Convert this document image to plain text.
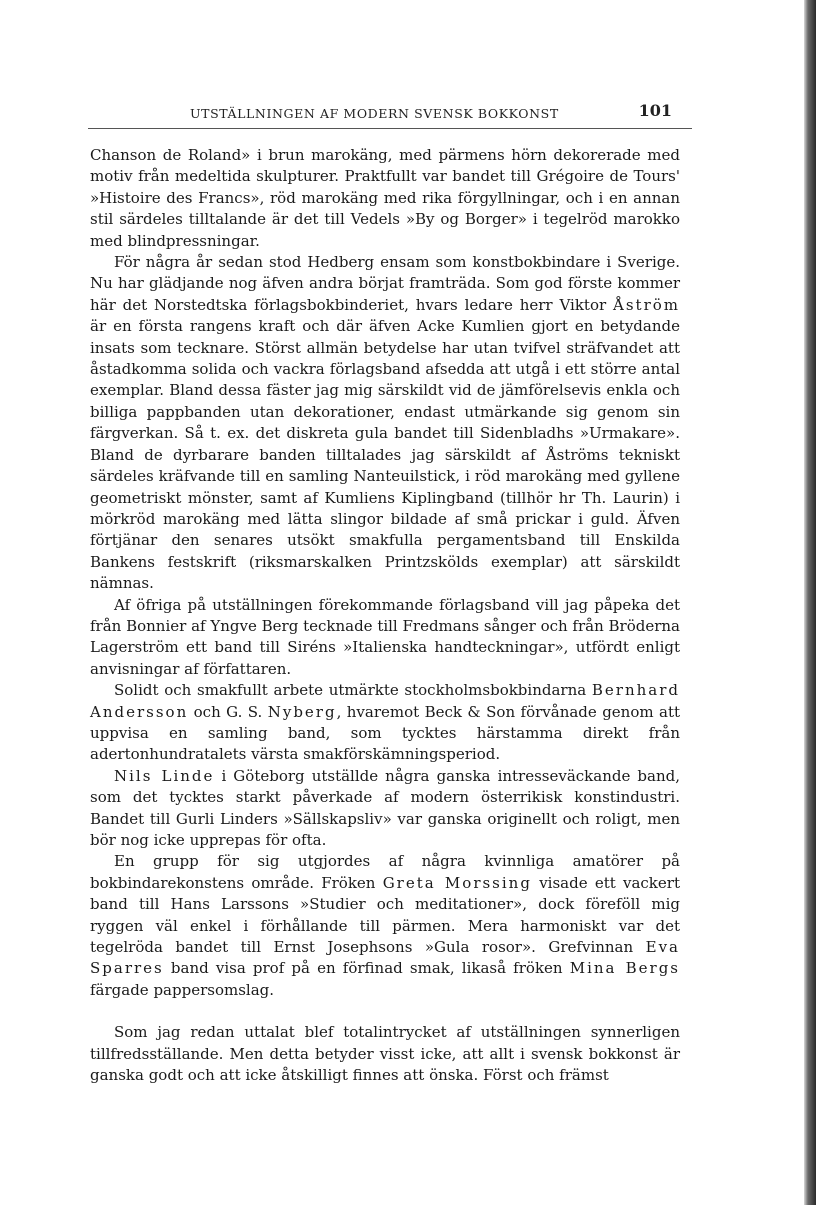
UTSTÄLLNINGEN AF MODERN SVENSK BOKKONST	101

Chanson de Roland» i brun marokäng, med pärmens hörn dekorerade med motiv från medeltida skulpturer. Praktfullt var bandet till Grégoire de Tours' »Histoire des Francs», röd marokäng med rika förgyllningar, och i en annan stil särdeles tilltalande är det till Vedels »By og Borger» i tegelröd marokko med blindpressningar.

För några år sedan stod Hedberg ensam som konstbokbindare i Sverige. Nu har glädjande nog äfven andra börjat framträda. Som god förste kommer här det Norstedtska förlagsbokbinderiet, hvars ledare herr Viktor Åström är en första rangens kraft och där äfven Acke Kumlien gjort en betydande insats som tecknare. Störst allmän betydelse har utan tvifvel sträfvandet att åstadkomma solida och vackra förlagsband afsedda att utgå i ett större antal exemplar. Bland dessa fäster jag mig särskildt vid de jämförelsevis enkla och billiga pappbanden utan dekorationer, endast utmärkande sig genom sin färgverkan. Så t. ex. det diskreta gula bandet till Sidenbladhs »Urmakare». Bland de dyrbarare banden tilltalades jag särskildt af Åströms tekniskt särdeles kräfvande till en samling Nanteuilstick, i röd marokäng med gyllene geometriskt mönster, samt af Kumliens Kiplingband (tillhör hr Th. Laurin) i mörkröd marokäng med lätta slingor bildade af små prickar i guld. Äfven förtjänar den senares utsökt smakfulla pergamentsband till Enskilda Bankens festskrift (riksmarskalken Printzskölds exemplar) att särskildt nämnas.

Af öfriga på utställningen förekommande förlagsband vill jag påpeka det från Bonnier af Yngve Berg tecknade till Fredmans sånger och från Bröderna Lagerström ett band till Siréns »Italienska handteckningar», utfördt enligt anvisningar af författaren.

Solidt och smakfullt arbete utmärkte stockholmsbokbindarna Bernhard Andersson och G. S. Nyberg, hvaremot Beck & Son förvånade genom att uppvisa en samling band, som tycktes härstamma direkt från adertonhundratalets värsta smakförskämningsperiod.

Nils Linde i Göteborg utställde några ganska intresseväckande band, som det tycktes starkt påverkade af modern österrikisk konstindustri. Bandet till Gurli Linders »Sällskapsliv» var ganska originellt och roligt, men bör nog icke upprepas för ofta.

En grupp för sig utgjordes af några kvinnliga amatörer på bokbindarekonstens område. Fröken Greta Morssing visade ett vackert band till Hans Larssons »Studier och meditationer», dock föreföll mig ryggen väl enkel i förhållande till pärmen. Mera harmoniskt var det tegelröda bandet till Ernst Josephsons »Gula rosor». Grefvinnan Eva Sparres band visa prof på en förfinad smak, likaså fröken Mina Bergs färgade pappersomslag.

Som jag redan uttalat blef totalintrycket af utställningen synnerligen tillfredsställande. Men detta betyder visst icke, att allt i svensk bokkonst är ganska godt och att icke åtskilligt finnes att önska. Först och främst
